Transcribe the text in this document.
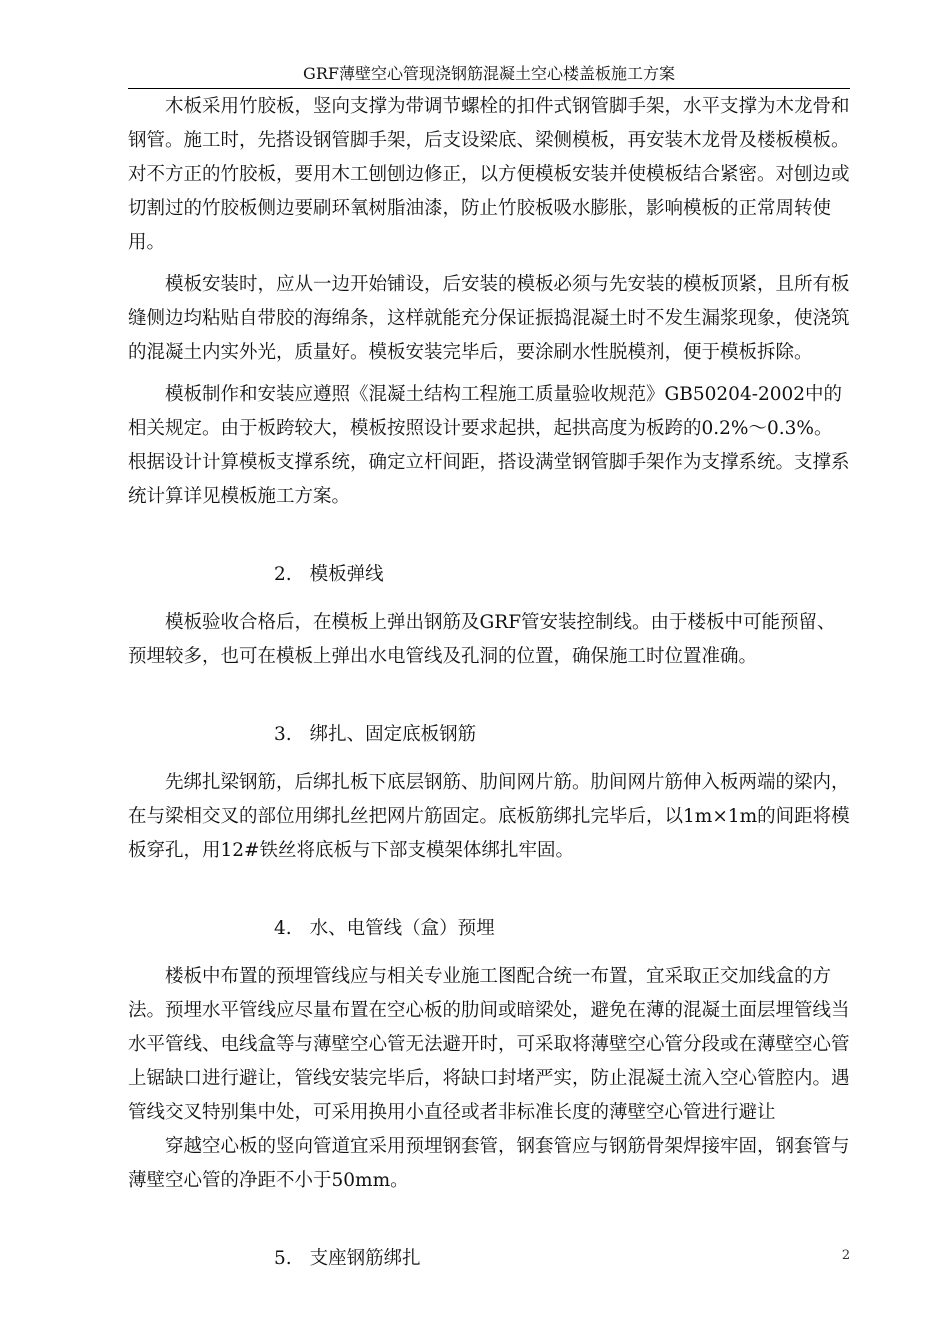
GRF薄壁空心管现浇钢筋混凝土空心楼盖板施工方案

木板采用竹胶板，竖向支撑为带调节螺栓的扣件式钢管脚手架，水平支撑为木龙骨和钢管。施工时，先搭设钢管脚手架，后支设梁底、梁侧模板，再安装木龙骨及楼板模板。对不方正的竹胶板，要用木工刨刨边修正，以方便模板安装并使模板结合紧密。对刨边或切割过的竹胶板侧边要刷环氧树脂油漆，防止竹胶板吸水膨胀，影响模板的正常周转使用。

模板安装时，应从一边开始铺设，后安装的模板必须与先安装的模板顶紧，且所有板缝侧边均粘贴自带胶的海绵条，这样就能充分保证振捣混凝土时不发生漏浆现象，使浇筑的混凝土内实外光，质量好。模板安装完毕后，要涂刷水性脱模剂，便于模板拆除。

模板制作和安装应遵照《混凝土结构工程施工质量验收规范》GB50204-2002中的相关规定。由于板跨较大，模板按照设计要求起拱，起拱高度为板跨的0.2%～0.3%。根据设计计算模板支撑系统，确定立杆间距，搭设满堂钢管脚手架作为支撑系统。支撑系统计算详见模板施工方案。

2. 模板弹线

模板验收合格后，在模板上弹出钢筋及GRF管安装控制线。由于楼板中可能预留、预埋较多，也可在模板上弹出水电管线及孔洞的位置，确保施工时位置准确。

3. 绑扎、固定底板钢筋

先绑扎梁钢筋，后绑扎板下底层钢筋、肋间网片筋。肋间网片筋伸入板两端的梁内，在与梁相交叉的部位用绑扎丝把网片筋固定。底板筋绑扎完毕后，以1m×1m的间距将模板穿孔，用12#铁丝将底板与下部支模架体绑扎牢固。

4. 水、电管线（盒）预埋

楼板中布置的预埋管线应与相关专业施工图配合统一布置，宜采取正交加线盒的方法。预埋水平管线应尽量布置在空心板的肋间或暗梁处，避免在薄的混凝土面层埋管线当水平管线、电线盒等与薄壁空心管无法避开时，可采取将薄壁空心管分段或在薄壁空心管上锯缺口进行避让，管线安装完毕后，将缺口封堵严实，防止混凝土流入空心管腔内。遇管线交叉特别集中处，可采用换用小直径或者非标准长度的薄壁空心管进行避让

穿越空心板的竖向管道宜采用预埋钢套管，钢套管应与钢筋骨架焊接牢固，钢套管与薄壁空心管的净距不小于50mm。

5. 支座钢筋绑扎	2
